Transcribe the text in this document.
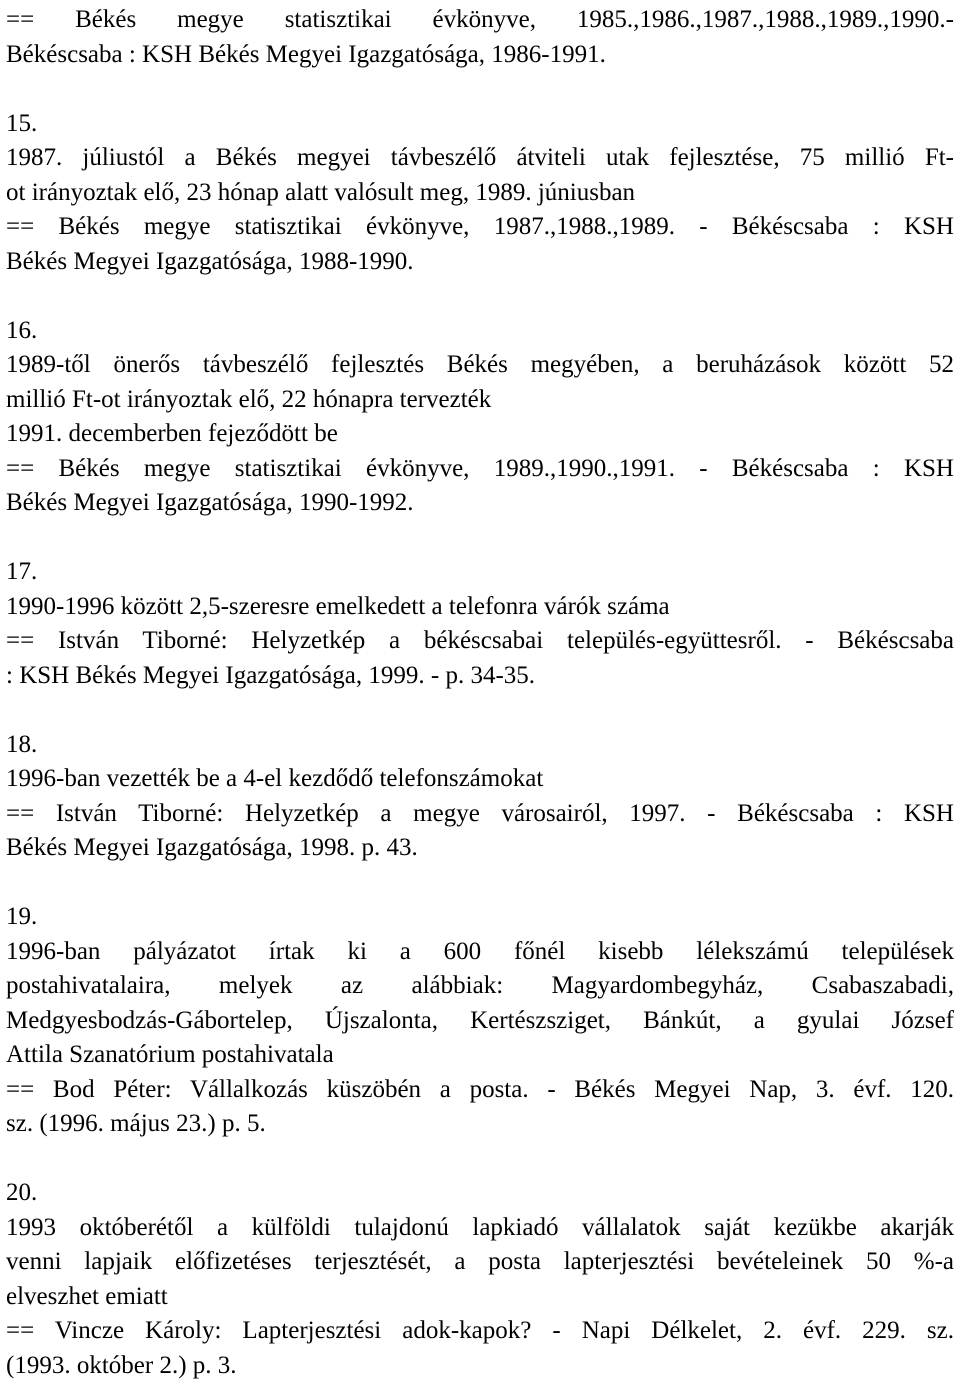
== Békés megye statisztikai évkönyve, 1985.,1986.,1987.,1988.,1989.,1990.-
Békéscsaba : KSH Békés Megyei Igazgatósága, 1986-1991.
15.
1987. júliustól a Békés megyei távbeszélő átviteli utak fejlesztése, 75 millió Ft-
ot irányoztak elő, 23 hónap alatt valósult meg, 1989. júniusban
== Békés megye statisztikai évkönyve, 1987.,1988.,1989. - Békéscsaba : KSH
Békés Megyei Igazgatósága, 1988-1990.
16.
1989-től önerős távbeszélő fejlesztés Békés megyében, a beruházások között 52
millió Ft-ot irányoztak elő, 22 hónapra tervezték
1991. decemberben fejeződött be
== Békés megye statisztikai évkönyve, 1989.,1990.,1991. - Békéscsaba : KSH
Békés Megyei Igazgatósága, 1990-1992.
17.
1990-1996 között 2,5-szeresre emelkedett a telefonra várók száma
== István Tiborné: Helyzetkép a békéscsabai település-együttesről. - Békéscsaba
: KSH Békés Megyei Igazgatósága, 1999. - p. 34-35.
18.
1996-ban vezették be a 4-el kezdődő telefonszámokat
== István Tiborné: Helyzetkép a megye városairól, 1997. - Békéscsaba : KSH
Békés Megyei Igazgatósága, 1998. p. 43.
19.
1996-ban pályázatot írtak ki a 600 főnél kisebb lélekszámú települések
postahivatalaira, melyek az alábbiak: Magyardombegyház, Csabaszabadi,
Medgyesbodzás-Gábortelep, Újszalonta, Kertészsziget, Bánkút, a gyulai József
Attila Szanatórium postahivatala
== Bod Péter: Vállalkozás küszöbén a posta. - Békés Megyei Nap, 3. évf. 120.
sz. (1996. május 23.) p. 5.
20.
1993 októberétől a külföldi tulajdonú lapkiadó vállalatok saját kezükbe akarják
venni lapjaik előfizetéses terjesztését, a posta lapterjesztési bevételeinek 50 %-a
elveszhet emiatt
== Vincze Károly: Lapterjesztési adok-kapok? - Napi Délkelet, 2. évf. 229. sz.
(1993. október 2.) p. 3.
